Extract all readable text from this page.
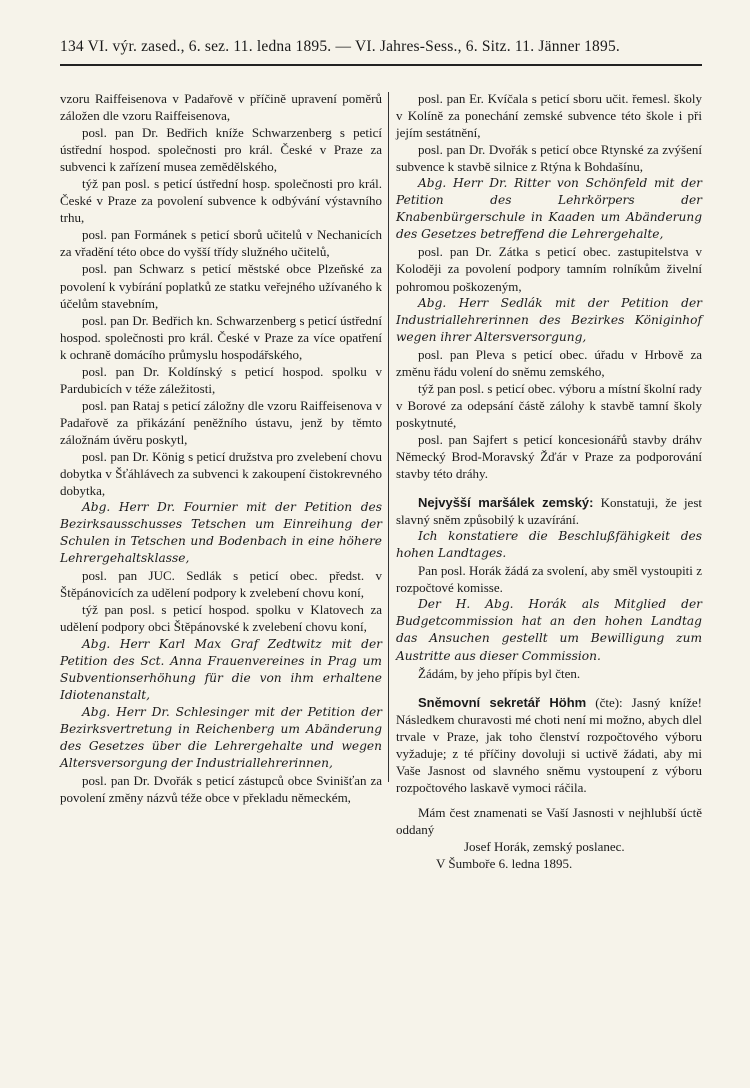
134 VI. výr. zased., 6. sez. 11. ledna 1895. — VI. Jahres-Sess., 6. Sitz. 11. Jänner 1895.

vzoru Raiffeisenova v Padařově v příčině upravení poměrů záložen dle vzoru Raiffeisenova,

posl. pan Dr. Bedřich kníže Schwarzenberg s peticí ústřední hospod. společnosti pro král. České v Praze za subvenci k zařízení musea zemědělského,

týž pan posl. s peticí ústřední hosp. společnosti pro král. České v Praze za povolení subvence k odbývání výstavního trhu,

posl. pan Formánek s peticí sborů učitelů v Nechanicích za vřadění této obce do vyšší třídy služného učitelů,

posl. pan Schwarz s peticí městské obce Plzeňské za povolení k vybírání poplatků ze statku veřejného užívaného k účelům stavebním,

posl. pan Dr. Bedřich kn. Schwarzenberg s peticí ústřední hospod. společnosti pro král. České v Praze za více opatření k ochraně domácího průmyslu hospodářského,

posl. pan Dr. Koldínský s peticí hospod. spolku v Pardubicích v téže záležitosti,

posl. pan Rataj s peticí záložny dle vzoru Raiffeisenova v Padařově za přikázání peněžního ústavu, jenž by těmto záložnám úvěru poskytl,

posl. pan Dr. König s peticí družstva pro zvelebení chovu dobytka v Šťáhlávech za subvenci k zakoupení čistokrevného dobytka,

Abg. Herr Dr. Fournier mit der Petition des Bezirksausschusses Tetschen um Einreihung der Schulen in Tetschen und Bodenbach in eine höhere Lehrergehaltsklasse,

posl. pan JUC. Sedlák s peticí obec. předst. v Štěpánovicích za udělení podpory k zvelebení chovu koní,

týž pan posl. s peticí hospod. spolku v Klatovech za udělení podpory obci Štěpánovské k zvelebení chovu koní,

Abg. Herr Karl Max Graf Zedtwitz mit der Petition des Sct. Anna Frauenvereines in Prag um Subventionserhöhung für die von ihm erhaltene Idiotenanstalt,

Abg. Herr Dr. Schlesinger mit der Petition der Bezirksvertretung in Reichenberg um Abänderung des Gesetzes über die Lehrergehalte und wegen Altersversorgung der Industriallehrerinnen,

posl. pan Dr. Dvořák s peticí zástupců obce Svinišťan za povolení změny názvů téže obce v překladu německém,

posl. pan Er. Kvíčala s peticí sboru učit. řemesl. školy v Kolíně za ponechání zemské subvence této škole i při jejím sestátnění,

posl. pan Dr. Dvořák s peticí obce Rtynské za zvýšení subvence k stavbě silnice z Rtýna k Bohdašínu,

Abg. Herr Dr. Ritter von Schönfeld mit der Petition des Lehrkörpers der Knabenbürgerschule in Kaaden um Abänderung des Gesetzes betreffend die Lehrergehalte,

posl. pan Dr. Zátka s peticí obec. zastupitelstva v Koloději za povolení podpory tamním rolníkům živelní pohromou poškozeným,

Abg. Herr Sedlák mit der Petition der Industriallehrerinnen des Bezirkes Königinhof wegen ihrer Altersversorgung,

posl. pan Pleva s peticí obec. úřadu v Hrbově za změnu řádu volení do sněmu zemského,

týž pan posl. s peticí obec. výboru a místní školní rady v Borové za odepsání částě zálohy k stavbě tamní školy poskytnuté,

posl. pan Sajfert s peticí koncesionářů stavby dráhv Německý Brod-Moravský Žďár v Praze za podporování stavby této dráhy.

Nejvyšší maršálek zemský: Konstatuji, že jest slavný sněm způsobilý k uzavírání.

Ich konstatiere die Beschlußfähigkeit des hohen Landtages.

Pan posl. Horák žádá za svolení, aby směl vystoupiti z rozpočtové komisse.

Der H. Abg. Horák als Mitglied der Budgetcommission hat an den hohen Landtag das Ansuchen gestellt um Bewilligung zum Austritte aus dieser Commission.

Žádám, by jeho přípis byl čten.

Sněmovní sekretář Höhm (čte): Jasný kníže! Následkem churavosti mé choti není mi možno, abych dlel trvale v Praze, jak toho členství rozpočtového výboru vyžaduje; z té příčiny dovoluji si uctivě žádati, aby mi Vaše Jasnost od slavného sněmu vystoupení z výboru rozpočtového laskavě vymoci ráčila.

Mám čest znamenati se Vaší Jasnosti v nejhlubší úctě oddaný

Josef Horák, zemský poslanec.

V Šumboře 6. ledna 1895.
